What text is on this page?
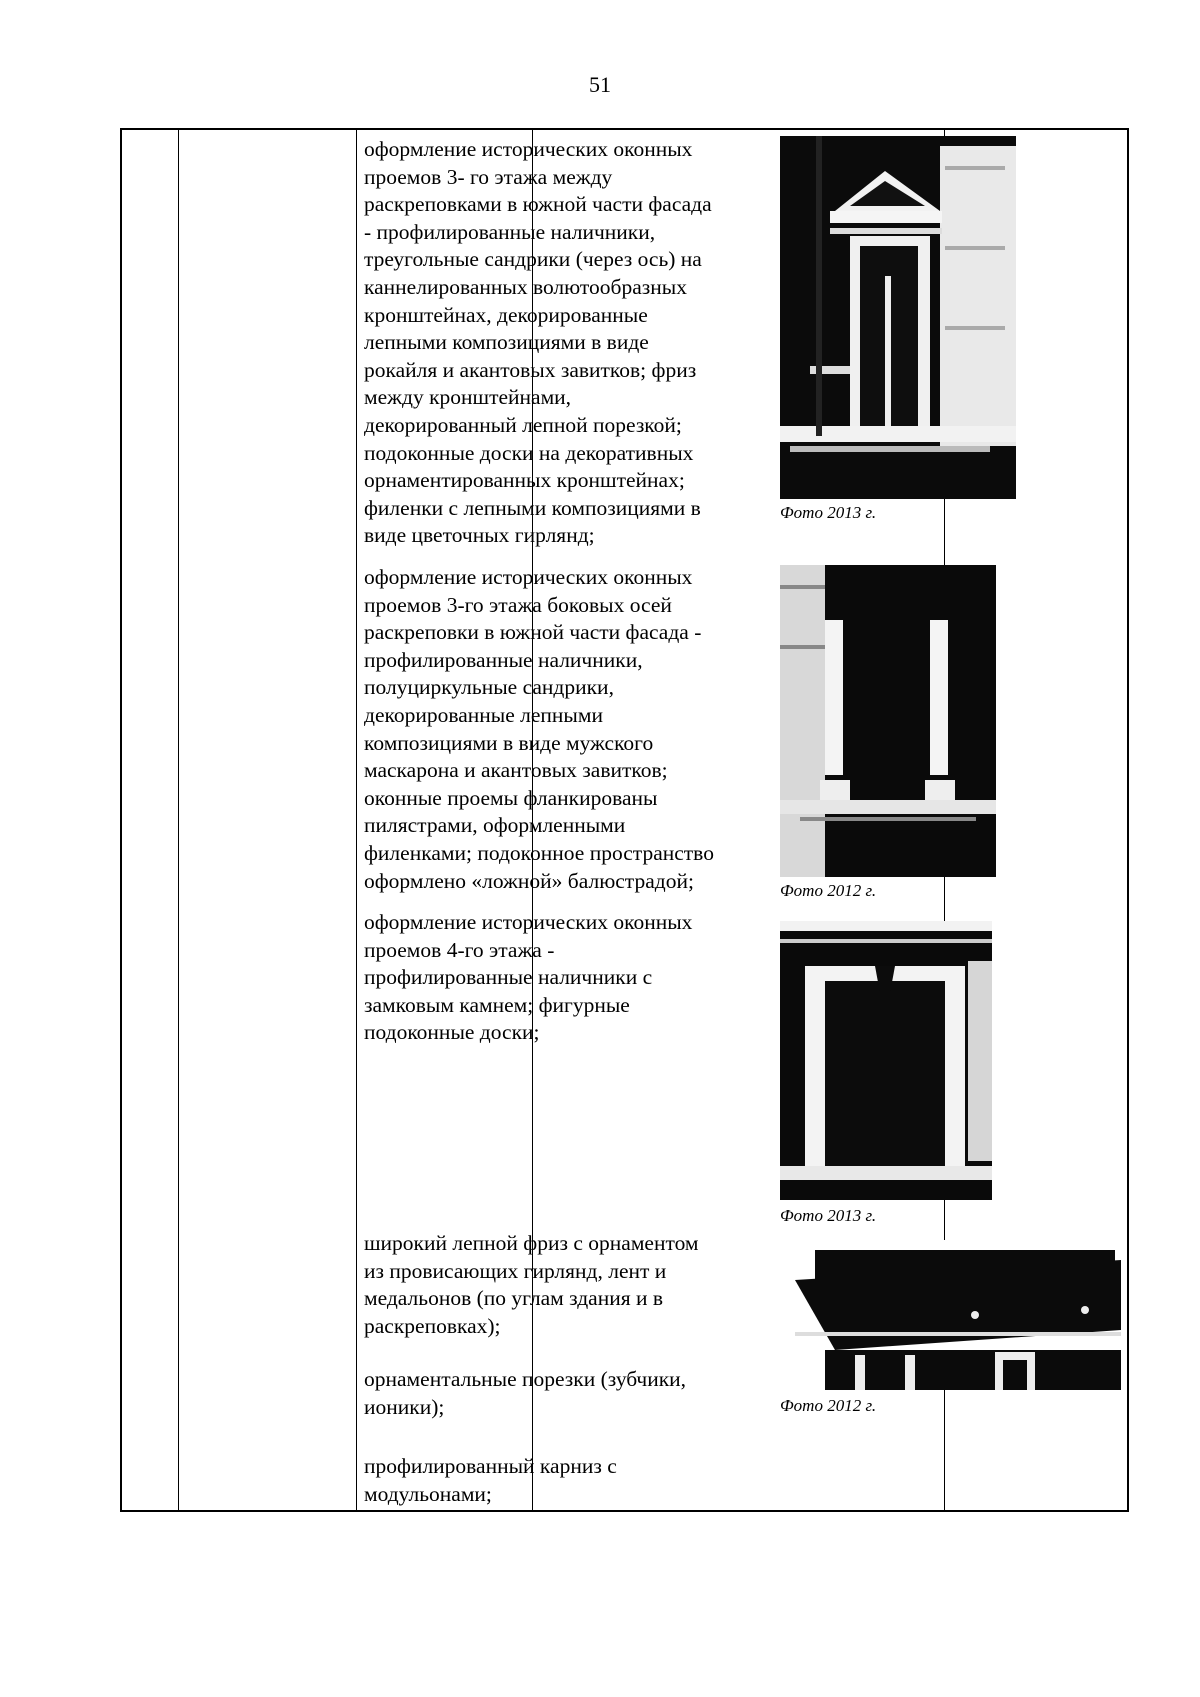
51
оформление исторических оконных
проемов 3- го этажа между
раскреповками в южной части фасада
- профилированные наличники,
треугольные сандрики (через ось) на
каннелированных волютообразных
кронштейнах, декорированные
лепными композициями в виде
рокайля и акантовых завитков; фриз
между кронштейнами,
декорированный лепной порезкой;
подоконные доски на декоративных
орнаментированных кронштейнах;
филенки с лепными композициями в
виде цветочных гирлянд;
оформление исторических оконных
проемов 3-го этажа боковых осей
раскреповки в южной части фасада -
профилированные наличники,
полуциркульные сандрики,
декорированные лепными
композициями в виде мужского
маскарона и акантовых завитков;
оконные проемы фланкированы
пилястрами, оформленными
филенками; подоконное пространство
оформлено «ложной» балюстрадой;
оформление исторических оконных
проемов 4-го этажа -
профилированные наличники с
замковым камнем; фигурные
подоконные доски;
широкий лепной фриз с орнаментом
из провисающих гирлянд, лент и
медальонов (по углам здания и в
раскреповках);
орнаментальные порезки (зубчики,
ионики);
профилированный карниз с
модульонами;
Фото 2013 г.
Фото 2012 г.
Фото 2013 г.
Фото 2012 г.
